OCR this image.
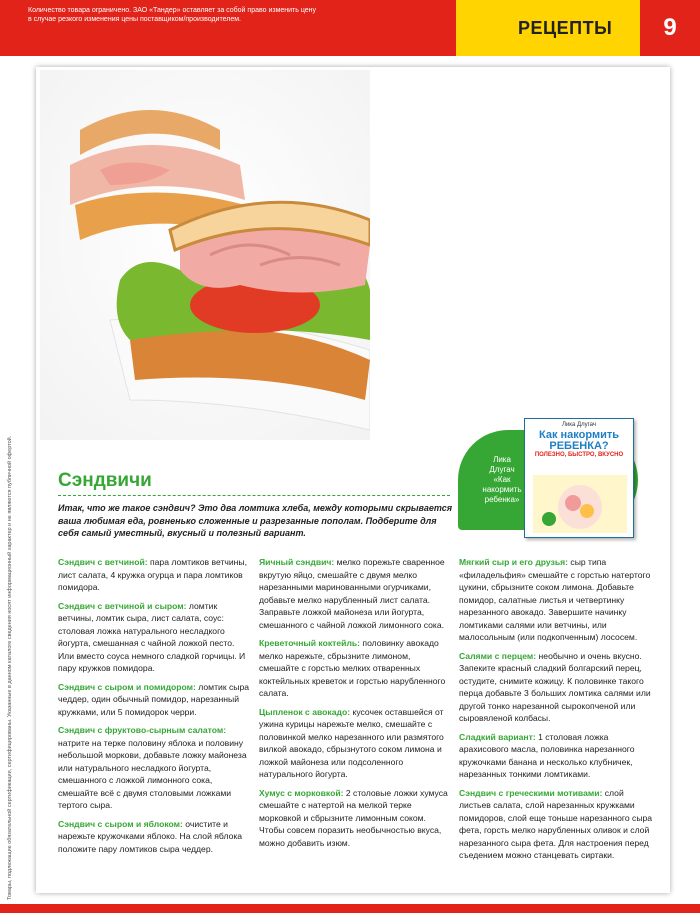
Количество товара ограничено. ЗАО «Тандер» оставляет за собой право изменить цену в случае резкого изменения цены поставщиком/производителем.	РЕЦЕПТЫ	9
Товары, подлежащие обязательной сертификации, сертифицированы. Указанные в данном каталоге сведения носят информационный характер и не являются публичной офертой.	Лика
Длугач
«Как
накормить
ребенка»
Лика Длугач
Как накормить РЕБЕНКА?
ПОЛЕЗНО, БЫСТРО, ВКУСНО
Сэндвичи

Итак, что же такое сэндвич? Это два ломтика хлеба, между которыми скрывается ваша любимая еда, ровненько сложенные и разрезанные пополам. Подберите для себя самый уместный, вкусный и полезный вариант.

Сэндвич с ветчиной: пара ломтиков ветчины, лист салата, 4 кружка огурца и пара ломтиков помидора.

Сэндвич с ветчиной и сыром: ломтик ветчины, ломтик сыра, лист салата, соус: столовая ложка натурального несладкого йогурта, смешанная с чайной ложкой песто. Или вместо соуса немного сладкой горчицы. И пару кружков помидора.

Сэндвич с сыром и помидором: ломтик сыра чеддер, один обычный помидор, нарезанный кружками, или 5 помидорок черри.

Сэндвич с фруктово-сырным салатом: натрите на терке половину яблока и половину небольшой моркови, добавьте ложку майонеза или натурального несладкого йогурта, смешанного с ложкой лимонного сока, смешайте всё с двумя столовыми ложками тертого сыра.

Сэндвич с сыром и яблоком: очистите и нарежьте кружочками яблоко. На слой яблока положите пару ломтиков сыра чеддер.

Яичный сэндвич: мелко порежьте сваренное вкрутую яйцо, смешайте с двумя мелко нарезанными маринованными огурчиками, добавьте мелко нарубленный лист салата. Заправьте ложкой майонеза или йогурта, смешанного с чайной ложкой лимонного сока.

Креветочный коктейль: половинку авокадо мелко нарежьте, сбрызните лимоном, смешайте с горстью мелких отваренных коктейльных креветок и горстью нарубленного салата.

Цыпленок с авокадо: кусочек оставшейся от ужина курицы нарежьте мелко, смешайте с половинкой мелко нарезанного или размятого вилкой авокадо, сбрызнутого соком лимона и ложкой майонеза или подсоленного натурального йогурта.

Хумус с морковкой: 2 столовые ложки хумуса смешайте с натертой на мелкой терке морковкой и сбрызните лимонным соком. Чтобы совсем поразить необычностью вкуса, можно добавить изюм.

Мягкий сыр и его друзья: сыр типа «филадельфия» смешайте с горстью натертого цукини, сбрызните соком лимона. Добавьте помидор, салатные листья и четвертинку нарезанного авокадо. Завершите начинку ломтиками салями или ветчины, или малосольным (или подкопченным) лососем.

Салями с перцем: необычно и очень вкусно. Запеките красный сладкий болгарский перец, остудите, снимите кожицу. К половинке такого перца добавьте 3 больших ломтика салями или другой тонко нарезанной сырокопченой или сыровяленой колбасы.

Сладкий вариант: 1 столовая ложка арахисового масла, половинка нарезанного кружочками банана и несколько клубничек, нарезанных тонкими ломтиками.

Сэндвич с греческими мотивами: слой листьев салата, слой нарезанных кружками помидоров, слой еще тоньше нарезанного сыра фета, горсть мелко нарубленных оливок и слой нарезанного сыра фета. Для настроения перед съедением можно станцевать сиртаки.
